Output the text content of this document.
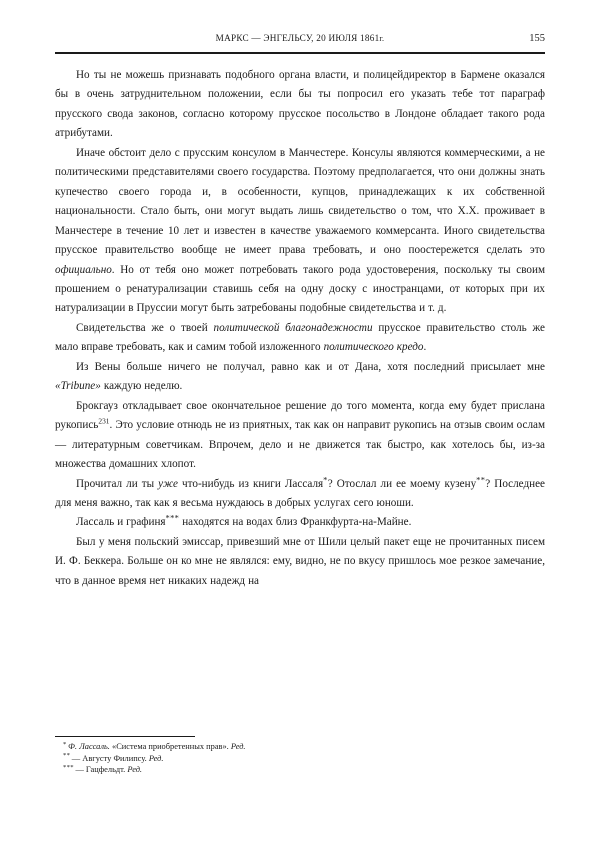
МАРКС — ЭНГЕЛЬСУ, 20 ИЮЛЯ 1861г.	155

Но ты не можешь признавать подобного органа власти, и полицейдиректор в Бармене оказался бы в очень затруднительном положении, если бы ты попросил его указать тебе тот параграф прусского свода законов, согласно которому прусское посольство в Лондоне обладает такого рода атрибутами.

Иначе обстоит дело с прусским консулом в Манчестере. Консулы являются коммерческими, а не политическими представителями своего государства. Поэтому предполагается, что они должны знать купечество своего города и, в особенности, купцов, принадлежащих к их собственной национальности. Стало быть, они могут выдать лишь свидетельство о том, что Х.Х. проживает в Манчестере в течение 10 лет и известен в качестве уважаемого коммерсанта. Иного свидетельства прусское правительство вообще не имеет права требовать, и оно поостережется сделать это официально. Но от тебя оно может потребовать такого рода удостоверения, поскольку ты своим прошением о ренатурализации ставишь себя на одну доску с иностранцами, от которых при их натурализации в Пруссии могут быть затребованы подобные свидетельства и т. д.

Свидетельства же о твоей политической благонадежности прусское правительство столь же мало вправе требовать, как и самим тобой изложенного политического кредо.

Из Вены больше ничего не получал, равно как и от Дана, хотя последний присылает мне «Tribune» каждую неделю.

Брокгауз откладывает свое окончательное решение до того момента, когда ему будет прислана рукопись$^{231}$. Это условие отнюдь не из приятных, так как он направит рукопись на отзыв своим ослам — литературным советчикам. Впрочем, дело и не движется так быстро, как хотелось бы, из-за множества домашних хлопот.

Прочитал ли ты уже что-нибудь из книги Лассаля*? Отослал ли ее моему кузену**? Последнее для меня важно, так как я весьма нуждаюсь в добрых услугах сего юноши.

Лассаль и графиня*** находятся на водах близ Франкфурта-на-Майне.

Был у меня польский эмиссар, привезший мне от Шили целый пакет еще не прочитанных писем И. Ф. Беккера. Больше он ко мне не являлся: ему, видно, не по вкусу пришлось мое резкое замечание, что в данное время нет никаких надежд на

* Ф. Лассаль. «Система приобретенных прав». Ред.
** — Августу Филипсу. Ред.
*** — Гацфельдт. Ред.
